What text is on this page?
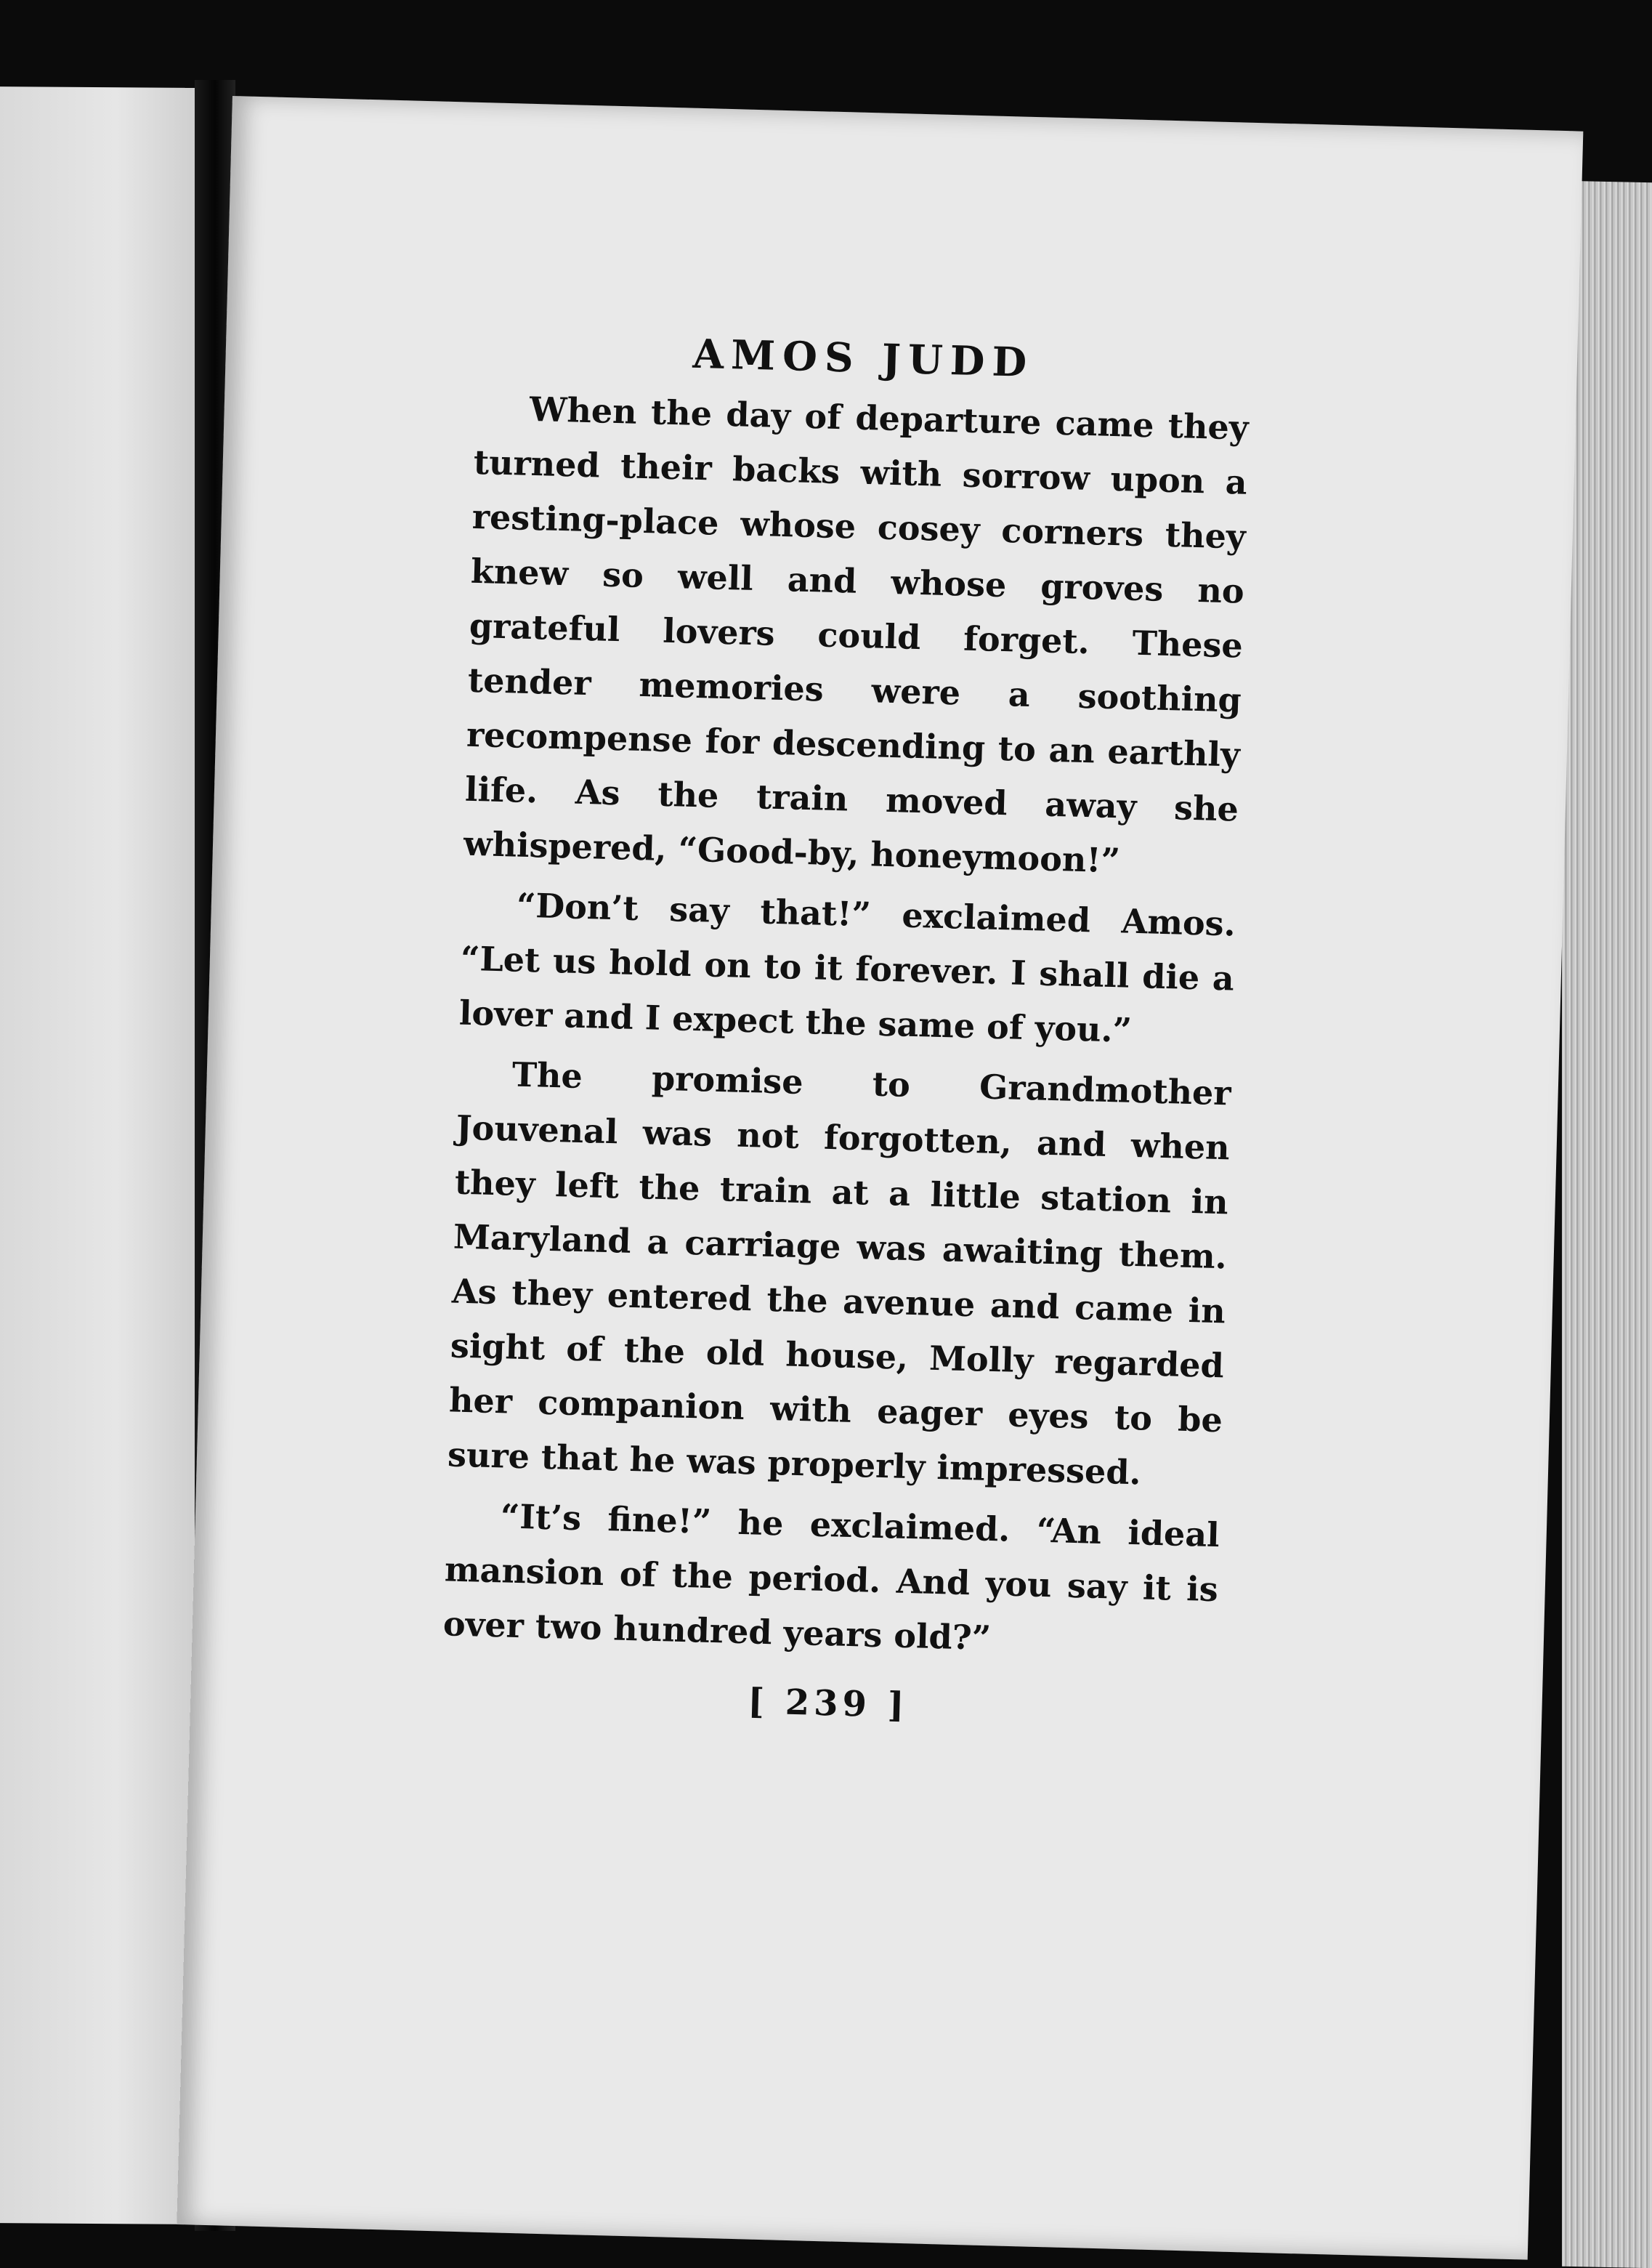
AMOS JUDD

When the day of departure came they turned their backs with sorrow upon a resting-place whose cosey corners they knew so well and whose groves no grateful lovers could forget. These tender memories were a soothing recompense for descending to an earthly life. As the train moved away she whispered, “Good-by, honeymoon!”

“Don’t say that!” exclaimed Amos. “Let us hold on to it forever. I shall die a lover and I expect the same of you.”

The promise to Grandmother Jouvenal was not forgotten, and when they left the train at a little station in Maryland a carriage was awaiting them. As they entered the avenue and came in sight of the old house, Molly regarded her companion with eager eyes to be sure that he was properly impressed.

“It’s fine!” he exclaimed. “An ideal mansion of the period. And you say it is over two hundred years old?”

[ 239 ]
